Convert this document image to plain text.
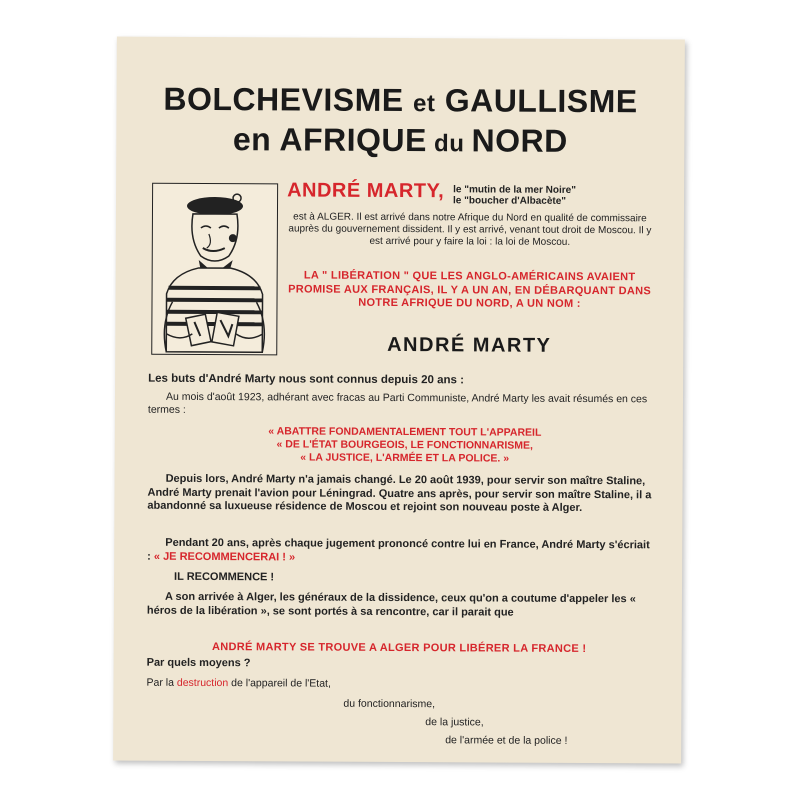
BOLCHEVISME et GAULLISME
en AFRIQUE du NORD
ANDRÉ MARTY, le "mutin de la mer Noire"
le "boucher d'Albacète"
est à ALGER. Il est arrivé dans notre Afrique du Nord en qualité de commissaire auprès du gouvernement dissident. Il y est arrivé, venant tout droit de Moscou. Il y est arrivé pour y faire la loi : la loi de Moscou.
LA " LIBÉRATION " QUE LES ANGLO-AMÉRICAINS AVAIENT PROMISE AUX FRANÇAIS, IL Y A UN AN, EN DÉBARQUANT DANS NOTRE AFRIQUE DU NORD, A UN NOM :
ANDRÉ MARTY
Les buts d'André Marty nous sont connus depuis 20 ans :
Au mois d'août 1923, adhérant avec fracas au Parti Communiste, André Marty les avait résumés en ces termes :
« ABATTRE FONDAMENTALEMENT TOUT L'APPAREIL
« DE L'ÉTAT BOURGEOIS, LE FONCTIONNARISME,
« LA JUSTICE, L'ARMÉE ET LA POLICE. »
Depuis lors, André Marty n'a jamais changé. Le 20 août 1939, pour servir son maître Staline, André Marty prenait l'avion pour Léningrad. Quatre ans après, pour servir son maître Staline, il a abandonné sa luxueuse résidence de Moscou et rejoint son nouveau poste à Alger.
Pendant 20 ans, après chaque jugement prononcé contre lui en France, André Marty s'écriait : « JE RECOMMENCERAI ! »
IL RECOMMENCE !
A son arrivée à Alger, les généraux de la dissidence, ceux qu'on a coutume d'appeler les « héros de la libération », se sont portés à sa rencontre, car il parait que
ANDRÉ MARTY SE TROUVE A ALGER POUR LIBÉRER LA FRANCE !
Par quels moyens ?
Par la destruction de l'appareil de l'Etat,
du fonctionnarisme,
de la justice,
de l'armée et de la police !
